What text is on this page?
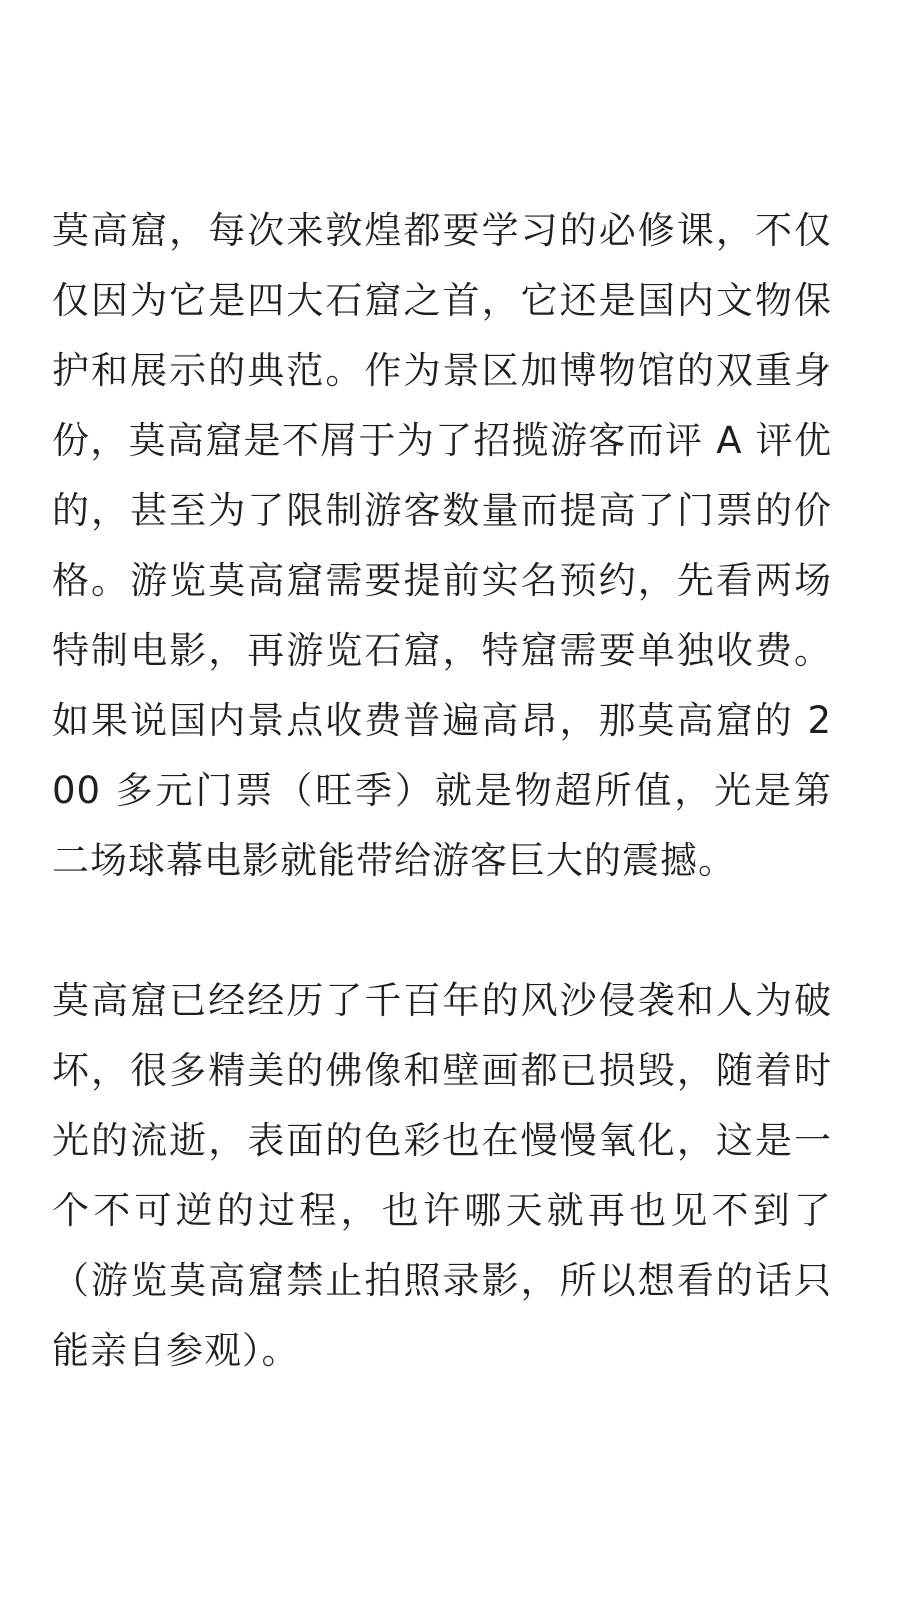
莫高窟，每次来敦煌都要学习的必修课，不仅仅因为它是四大石窟之首，它还是国内文物保护和展示的典范。作为景区加博物馆的双重身份，莫高窟是不屑于为了招揽游客而评 A 评优的，甚至为了限制游客数量而提高了门票的价格。游览莫高窟需要提前实名预约，先看两场特制电影，再游览石窟，特窟需要单独收费。如果说国内景点收费普遍高昂，那莫高窟的 200 多元门票（旺季）就是物超所值，光是第二场球幕电影就能带给游客巨大的震撼。

莫高窟已经经历了千百年的风沙侵袭和人为破坏，很多精美的佛像和壁画都已损毁，随着时光的流逝，表面的色彩也在慢慢氧化，这是一个不可逆的过程，也许哪天就再也见不到了（游览莫高窟禁止拍照录影，所以想看的话只能亲自参观）。
